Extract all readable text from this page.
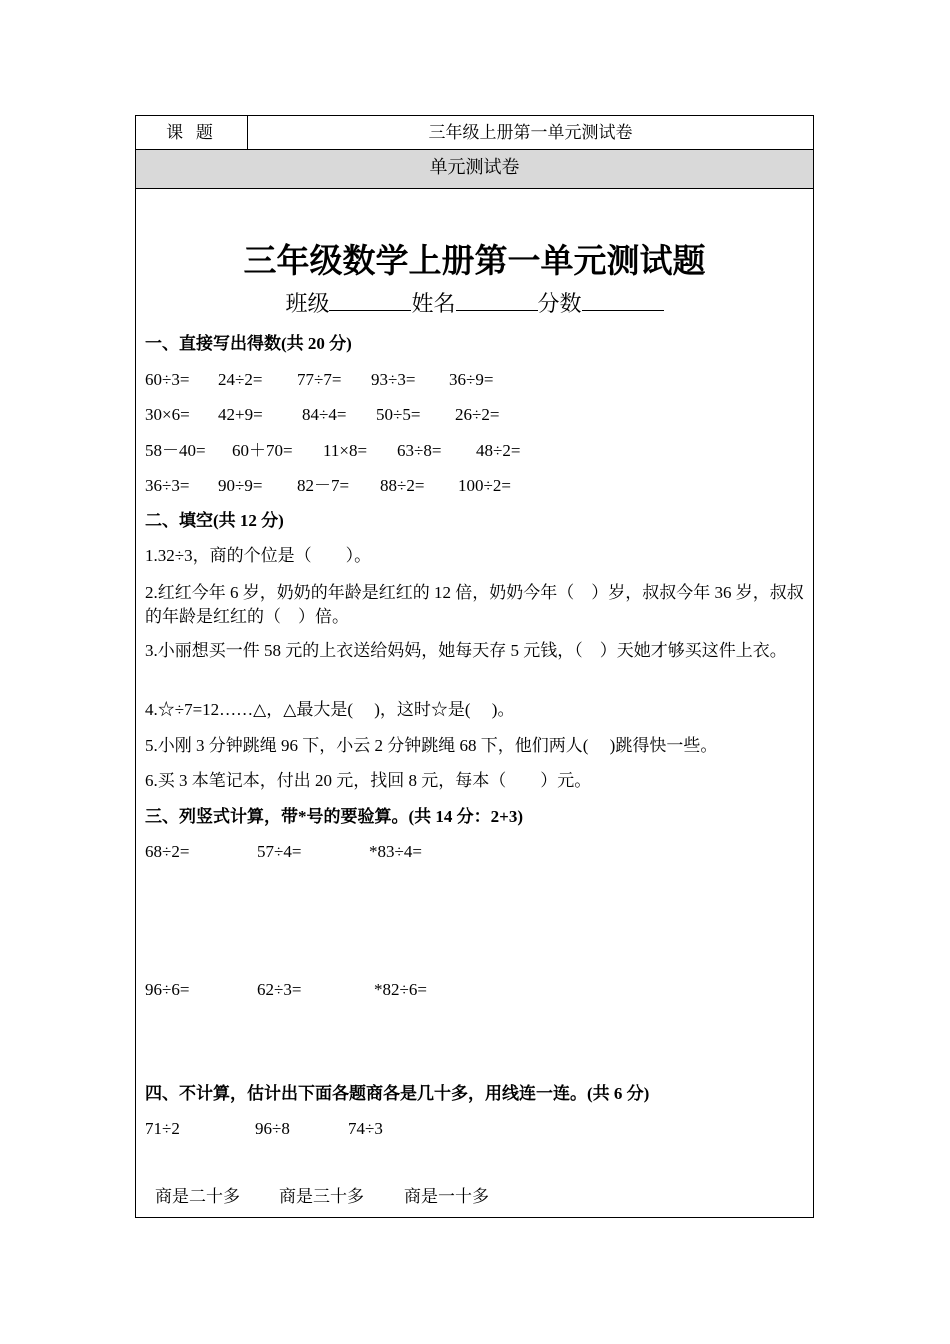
课 题	三年级上册第一单元测试卷
单元测试卷
三年级数学上册第一单元测试题
班级	姓名	分数
一、直接写出得数(共 20 分)
60÷3= 24÷2= 77÷7= 93÷3= 36÷9=
30×6= 42+9= 84÷4= 50÷5= 26÷2=
58－40= 60＋70= 11×8= 63÷8= 48÷2=
36÷3= 90÷9= 82－7= 88÷2= 100÷2=
二、填空(共 12 分)
1.32÷3，商的个位是（　　）。
2.红红今年 6 岁，奶奶的年龄是红红的 12 倍，奶奶今年（　）岁，叔叔今年 36 岁，叔叔的年龄是红红的（　）倍。
3.小丽想买一件 58 元的上衣送给妈妈，她每天存 5 元钱，（　）天她才够买这件上衣。
4.☆÷7=12……△，△最大是(　 )，这时☆是(　 )。
5.小刚 3 分钟跳绳 96 下，小云 2 分钟跳绳 68 下，他们两人(　 )跳得快一些。
6.买 3 本笔记本，付出 20 元，找回 8 元，每本（　　）元。
三、列竖式计算，带*号的要验算。(共 14 分：2+3)
68÷2=	57÷4=	*83÷4=
96÷6=	62÷3=	*82÷6=
四、不计算，估计出下面各题商各是几十多，用线连一连。(共 6 分)
71÷2	96÷8	74÷3
商是二十多 商是三十多 商是一十多
